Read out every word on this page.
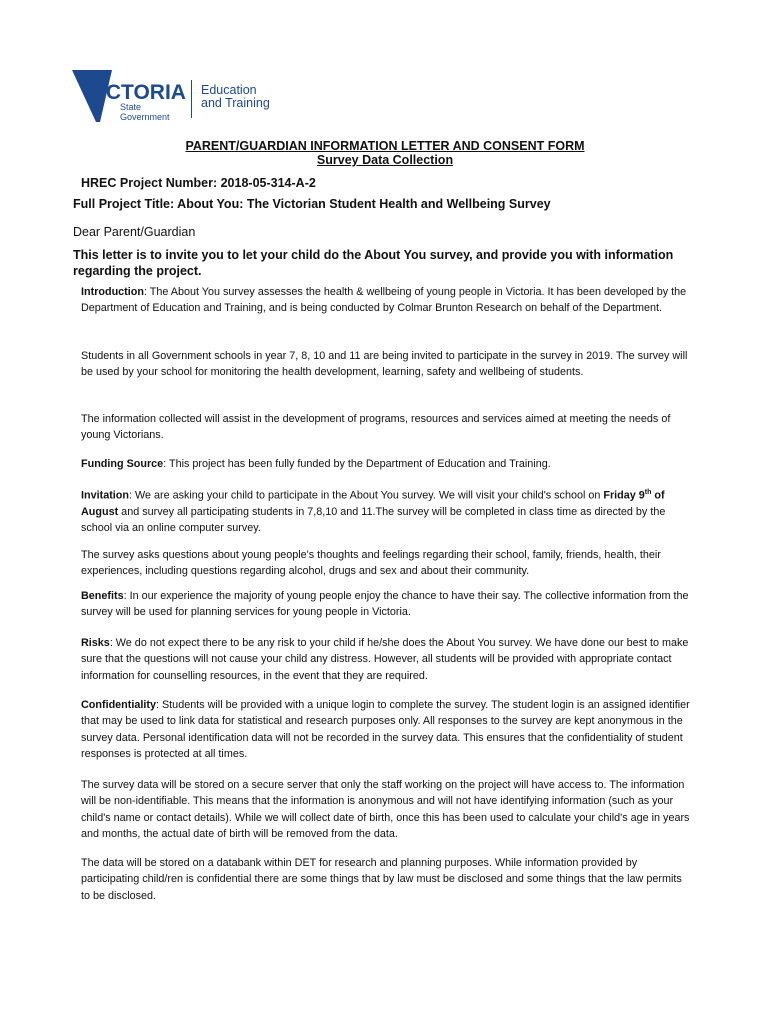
VICTORIA
State
Government
Education
and Training
PARENT/GUARDIAN INFORMATION LETTER AND CONSENT FORM
Survey Data Collection
HREC Project Number: 2018-05-314-A-2
Full Project Title: About You: The Victorian Student Health and Wellbeing Survey
Dear Parent/Guardian
This letter is to invite you to let your child do the About You survey, and provide you with information regarding the project.
Introduction: The About You survey assesses the health & wellbeing of young people in Victoria. It has been developed by the Department of Education and Training, and is being conducted by Colmar Brunton Research on behalf of the Department.
Students in all Government schools in year 7, 8, 10 and 11 are being invited to participate in the survey in 2019. The survey will be used by your school for monitoring the health development, learning, safety and wellbeing of students.
The information collected will assist in the development of programs, resources and services aimed at meeting the needs of young Victorians.
Funding Source: This project has been fully funded by the Department of Education and Training.
Invitation: We are asking your child to participate in the About You survey. We will visit your child's school on Friday 9th of August and survey all participating students in 7,8,10 and 11.The survey will be completed in class time as directed by the school via an online computer survey.
The survey asks questions about young people's thoughts and feelings regarding their school, family, friends, health, their experiences, including questions regarding alcohol, drugs and sex and about their community.
Benefits: In our experience the majority of young people enjoy the chance to have their say. The collective information from the survey will be used for planning services for young people in Victoria.
Risks: We do not expect there to be any risk to your child if he/she does the About You survey. We have done our best to make sure that the questions will not cause your child any distress. However, all students will be provided with appropriate contact information for counselling resources, in the event that they are required.
Confidentiality: Students will be provided with a unique login to complete the survey. The student login is an assigned identifier that may be used to link data for statistical and research purposes only. All responses to the survey are kept anonymous in the survey data. Personal identification data will not be recorded in the survey data. This ensures that the confidentiality of student responses is protected at all times.
The survey data will be stored on a secure server that only the staff working on the project will have access to. The information will be non-identifiable. This means that the information is anonymous and will not have identifying information (such as your child's name or contact details). While we will collect date of birth, once this has been used to calculate your child's age in years and months, the actual date of birth will be removed from the data.
The data will be stored on a databank within DET for research and planning purposes. While information provided by participating child/ren is confidential there are some things that by law must be disclosed and some things that the law permits to be disclosed.
